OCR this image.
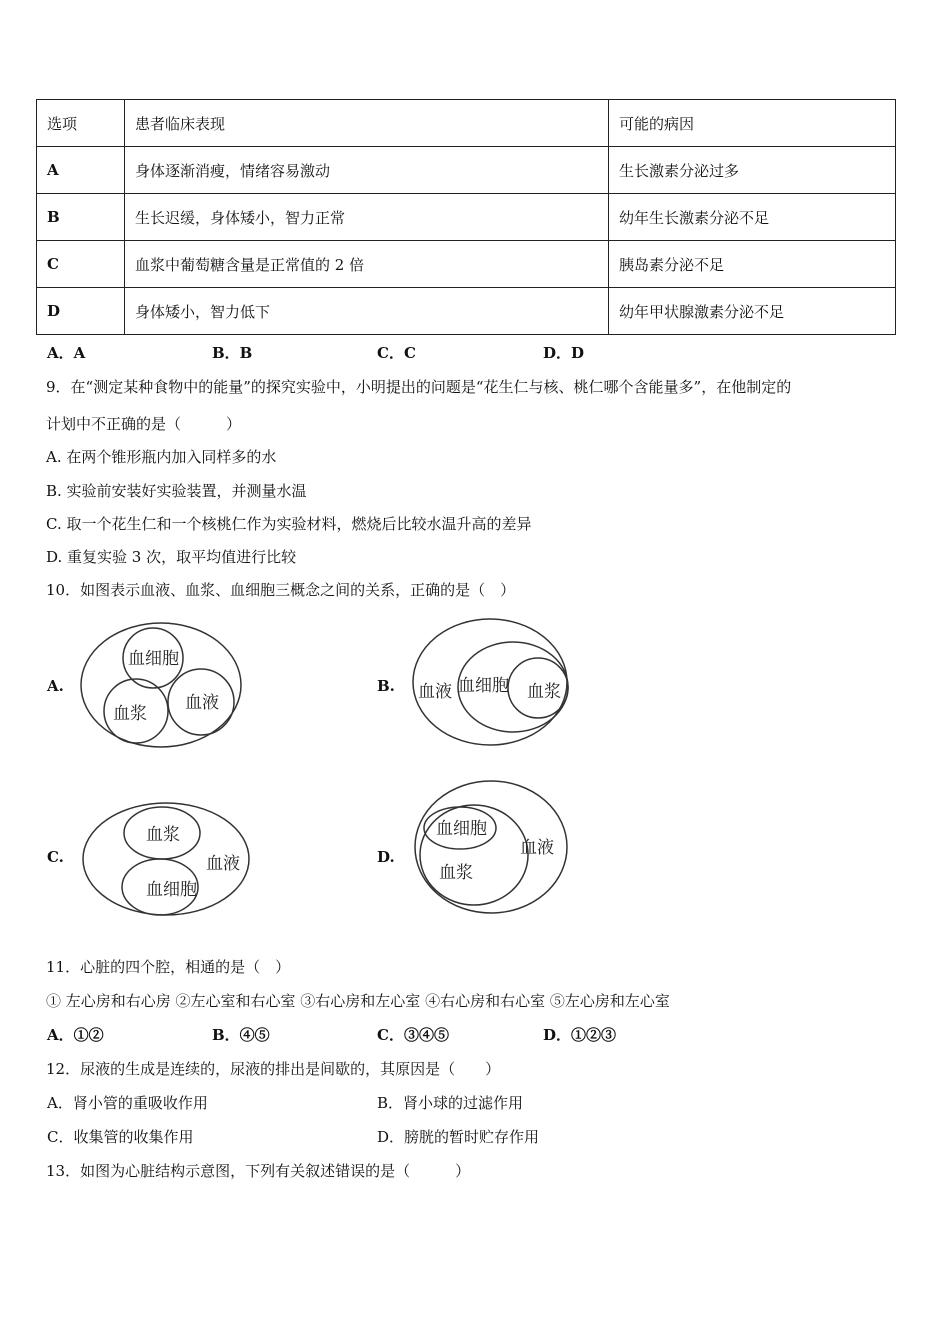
选项	患者临床表现	可能的病因
A	身体逐渐消瘦，情绪容易激动	生长激素分泌过多
B	生长迟缓，身体矮小，智力正常	幼年生长激素分泌不足
C	血浆中葡萄糖含量是正常值的 2 倍	胰岛素分泌不足
D	身体矮小，智力低下	幼年甲状腺激素分泌不足
A．A	B．B	C．C	D．D
9．在“测定某种食物中的能量”的探究实验中，小明提出的问题是“花生仁与核、桃仁哪个含能量多”，在他制定的
计划中不正确的是（　　　）
A. 在两个锥形瓶内加入同样多的水
B. 实验前安装好实验装置，并测量水温
C. 取一个花生仁和一个核桃仁作为实验材料，燃烧后比较水温升高的差异
D. 重复实验 3 次，取平均值进行比较
10．如图表示血液、血浆、血细胞三概念之间的关系，正确的是（　）
A.
血细胞
血浆
血液
B. 血液 血细胞 血浆
C.
血浆
血液
血细胞
D.
血细胞
血浆
血液
11．心脏的四个腔，相通的是（　）
① 左心房和右心房 ②左心室和右心室 ③右心房和左心室 ④右心房和右心室 ⑤左心房和左心室
A．①②	B．④⑤	C．③④⑤	D．①②③
12．尿液的生成是连续的，尿液的排出是间歇的，其原因是（　　）
A．肾小管的重吸收作用	B．肾小球的过滤作用
C．收集管的收集作用	D．膀胱的暂时贮存作用
13．如图为心脏结构示意图，下列有关叙述错误的是（　　　）
